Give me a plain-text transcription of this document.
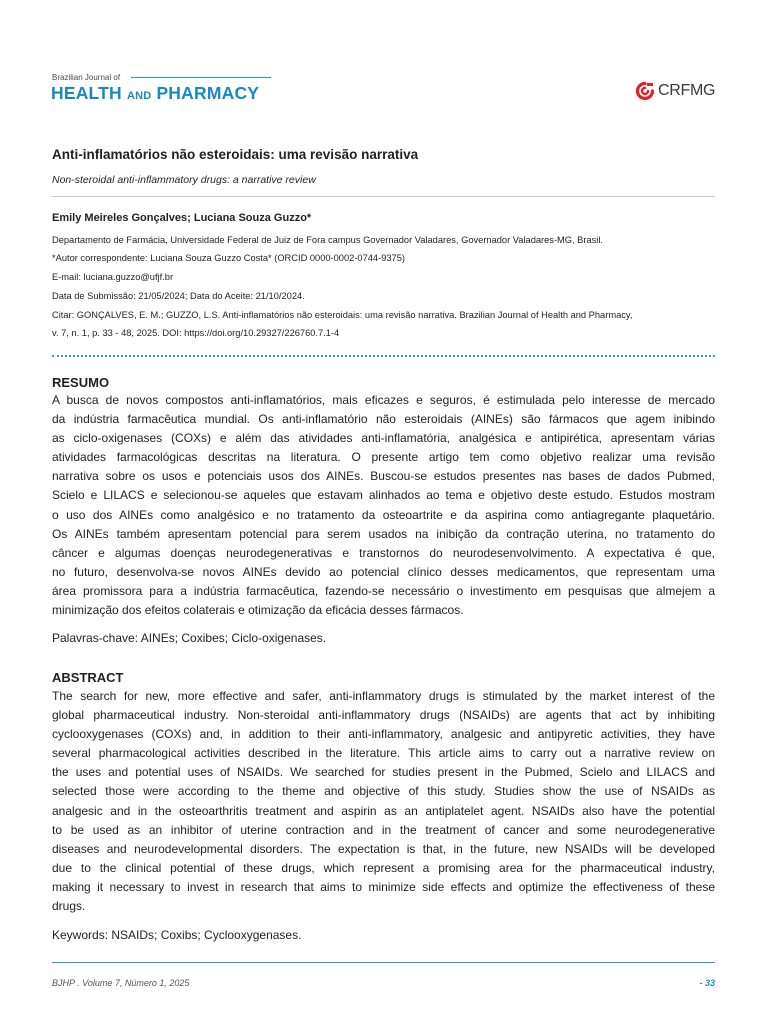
Brazilian Journal of
HEALTH AND PHARMACY	CRFMG
Anti-inflamatórios não esteroidais: uma revisão narrativa
Non-steroidal anti-inflammatory drugs: a narrative review
Emily Meireles Gonçalves; Luciana Souza Guzzo*
Departamento de Farmácia, Universidade Federal de Juiz de Fora campus Governador Valadares, Governador Valadares-MG, Brasil.
*Autor correspondente: Luciana Souza Guzzo Costa* (ORCID 0000-0002-0744-9375)
E-mail: luciana.guzzo@ufjf.br
Data de Submissão: 21/05/2024; Data do Aceite: 21/10/2024.
Citar: GONÇALVES, E. M.; GUZZO, L.S. Anti-inflamatórios não esteroidais: uma revisão narrativa. Brazilian Journal of Health and Pharmacy,
v. 7, n. 1, p. 33 - 48, 2025. DOI: https://doi.org/10.29327/226760.7.1-4
RESUMO
A busca de novos compostos anti-inflamatórios, mais eficazes e seguros, é estimulada pelo interesse de mercado
da indústria farmacêutica mundial. Os anti-inflamatório não esteroidais (AINEs) são fármacos que agem inibindo
as ciclo-oxigenases (COXs) e além das atividades anti-inflamatória, analgésica e antipirética, apresentam várias
atividades farmacológicas descritas na literatura. O presente artigo tem como objetivo realizar uma revisão
narrativa sobre os usos e potenciais usos dos AINEs. Buscou-se estudos presentes nas bases de dados Pubmed,
Scielo e LILACS e selecionou-se aqueles que estavam alinhados ao tema e objetivo deste estudo. Estudos mostram
o uso dos AINEs como analgésico e no tratamento da osteoartrite e da aspirina como antiagregante plaquetário.
Os AINEs também apresentam potencial para serem usados na inibição da contração uterina, no tratamento do
câncer e algumas doenças neurodegenerativas e transtornos do neurodesenvolvimento. A expectativa é que,
no futuro, desenvolva-se novos AINEs devido ao potencial clínico desses medicamentos, que representam uma
área promissora para a indústria farmacêutica, fazendo-se necessário o investimento em pesquisas que almejem a
minimização dos efeitos colaterais e otimização da eficácia desses fármacos.
Palavras-chave: AINEs; Coxibes; Ciclo-oxigenases.
ABSTRACT
The search for new, more effective and safer, anti-inflammatory drugs is stimulated by the market interest of the
global pharmaceutical industry. Non-steroidal anti-inflammatory drugs (NSAIDs) are agents that act by inhibiting
cyclooxygenases (COXs) and, in addition to their anti-inflammatory, analgesic and antipyretic activities, they have
several pharmacological activities described in the literature. This article aims to carry out a narrative review on
the uses and potential uses of NSAIDs. We searched for studies present in the Pubmed, Scielo and LILACS and
selected those were according to the theme and objective of this study. Studies show the use of NSAIDs as
analgesic and in the osteoarthritis treatment and aspirin as an antiplatelet agent. NSAIDs also have the potential
to be used as an inhibitor of uterine contraction and in the treatment of cancer and some neurodegenerative
diseases and neurodevelopmental disorders. The expectation is that, in the future, new NSAIDs will be developed
due to the clinical potential of these drugs, which represent a promising area for the pharmaceutical industry,
making it necessary to invest in research that aims to minimize side effects and optimize the effectiveness of these
drugs.
Keywords: NSAIDs; Coxibs; Cyclooxygenases.
BJHP . Volume 7, Número 1, 2025	- 33
